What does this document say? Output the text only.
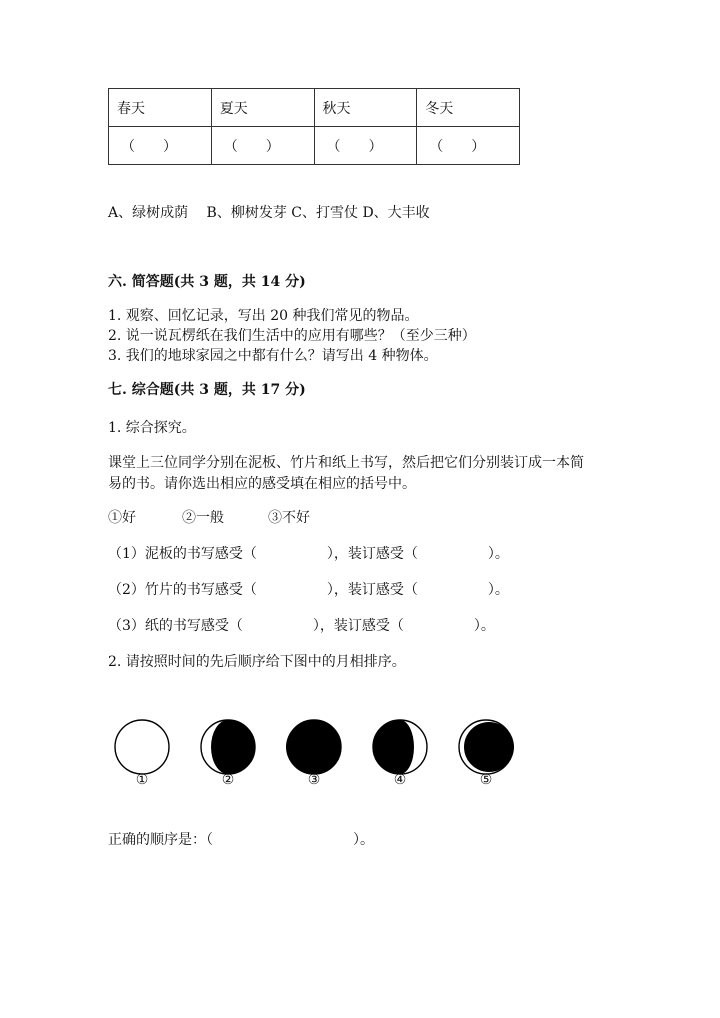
春天	夏天	秋天	冬天
（　　）	（　　）	（　　）	（　　）
A、绿树成荫　 B、柳树发芽 C、打雪仗 D、大丰收
六. 简答题(共 3 题，共 14 分)
1. 观察、回忆记录，写出 20 种我们常见的物品。
2. 说一说瓦楞纸在我们生活中的应用有哪些？（至少三种）
3. 我们的地球家园之中都有什么？请写出 4 种物体。
七. 综合题(共 3 题，共 17 分)
1. 综合探究。
课堂上三位同学分别在泥板、竹片和纸上书写，然后把它们分别装订成一本简
易的书。请你选出相应的感受填在相应的括号中。
①好	②一般	③不好
（1）泥板的书写感受（　　　　　），装订感受（　　　　　）。
（2）竹片的书写感受（　　　　　），装订感受（　　　　　）。
（3）纸的书写感受（　　　　　），装订感受（　　　　　）。
2. 请按照时间的先后顺序给下图中的月相排序。
①	②	③	④	⑤
正确的顺序是：（　　　　　　　　　　）。
